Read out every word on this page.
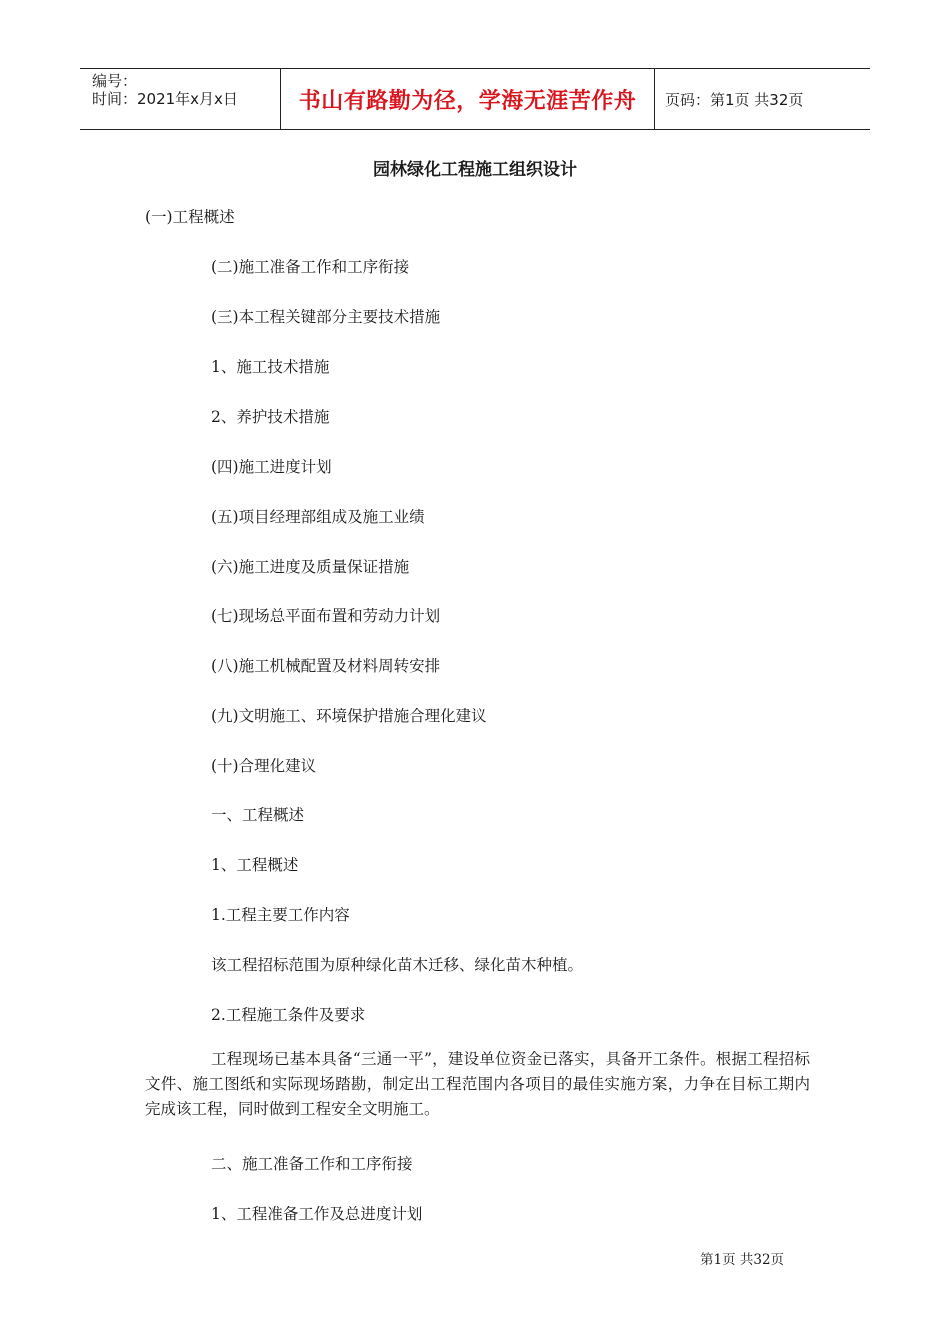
编号：
时间：2021年x月x日	书山有路勤为径，学海无涯苦作舟	页码：第1页 共32页
园林绿化工程施工组织设计
(一)工程概述
(二)施工准备工作和工序衔接
(三)本工程关键部分主要技术措施
1、施工技术措施
2、养护技术措施
(四)施工进度计划
(五)项目经理部组成及施工业绩
(六)施工进度及质量保证措施
(七)现场总平面布置和劳动力计划
(八)施工机械配置及材料周转安排
(九)文明施工、环境保护措施合理化建议
(十)合理化建议
一、工程概述
1、工程概述
1.工程主要工作内容
该工程招标范围为原种绿化苗木迁移、绿化苗木种植。
2.工程施工条件及要求
工程现场已基本具备“三通一平”，建设单位资金已落实，具备开工条件。根据工程招标文件、施工图纸和实际现场踏勘，制定出工程范围内各项目的最佳实施方案，力争在目标工期内完成该工程，同时做到工程安全文明施工。
二、施工准备工作和工序衔接
1、工程准备工作及总进度计划
第1页 共32页
